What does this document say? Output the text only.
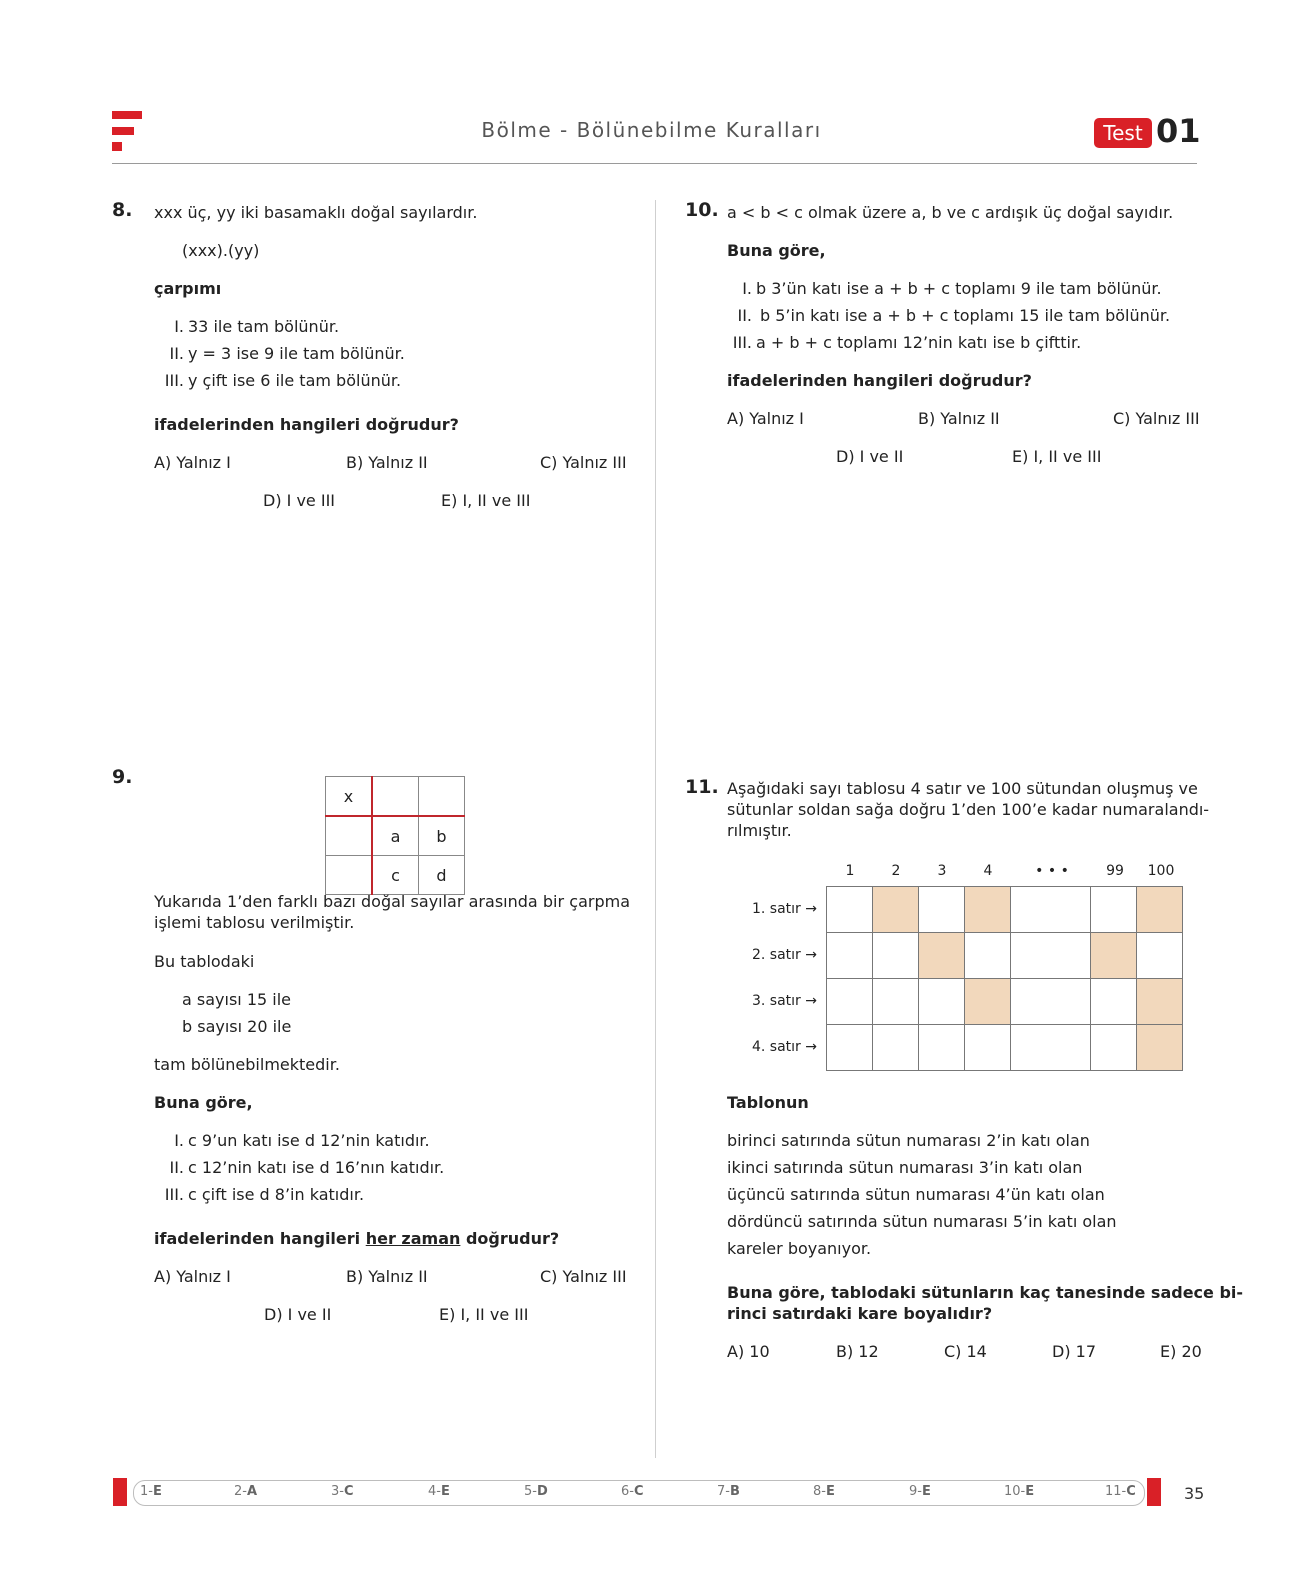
Bölme - Bölünebilme Kuralları	Test 01
8. xxx üç, yy iki basamaklı doğal sayılardır.
(xxx).(yy)
çarpımı
I. 33 ile tam bölünür.
II. y = 3 ise 9 ile tam bölünür.
III. y çift ise 6 ile tam bölünür.
ifadelerinden hangileri doğrudur?
A) Yalnız I	B) Yalnız II	C) Yalnız III
D) I ve III	E) I, II ve III
9.
x		
	a	b
	c	d
Yukarıda 1’den farklı bazı doğal sayılar arasında bir çarpma işlemi tablosu verilmiştir.
Bu tablodaki
a sayısı 15 ile
b sayısı 20 ile
tam bölünebilmektedir.
Buna göre,
I. c 9’un katı ise d 12’nin katıdır.
II. c 12’nin katı ise d 16’nın katıdır.
III. c çift ise d 8’in katıdır.
ifadelerinden hangileri her zaman doğrudur?
A) Yalnız I	B) Yalnız II	C) Yalnız III
D) I ve II	E) I, II ve III
10. a < b < c olmak üzere a, b ve c ardışık üç doğal sayıdır.
Buna göre,
I. b 3’ün katı ise a + b + c toplamı 9 ile tam bölünür.
II. b 5’in katı ise a + b + c toplamı 15 ile tam bölünür.
III. a + b + c toplamı 12’nin katı ise b çifttir.
ifadelerinden hangileri doğrudur?
A) Yalnız I	B) Yalnız II	C) Yalnız III
D) I ve II	E) I, II ve III
11. Aşağıdaki sayı tablosu 4 satır ve 100 sütundan oluşmuş ve
sütunlar soldan sağa doğru 1’den 100’e kadar numaralandı-
rılmıştır.
1	2	3	4	• • •	99	100
1. satır →
2. satır →
3. satır →
4. satır →

Tablonun
birinci satırında sütun numarası 2’in katı olan
ikinci satırında sütun numarası 3’in katı olan
üçüncü satırında sütun numarası 4’ün katı olan
dördüncü satırında sütun numarası 5’in katı olan
kareler boyanıyor.
Buna göre, tablodaki sütunların kaç tanesinde sadece bi-
rinci satırdaki kare boyalıdır?
A) 10	B) 12	C) 14	D) 17	E) 20
1-E	2-A	3-C	4-E	5-D	6-C	7-B	8-E	9-E	10-E	11-C	35
